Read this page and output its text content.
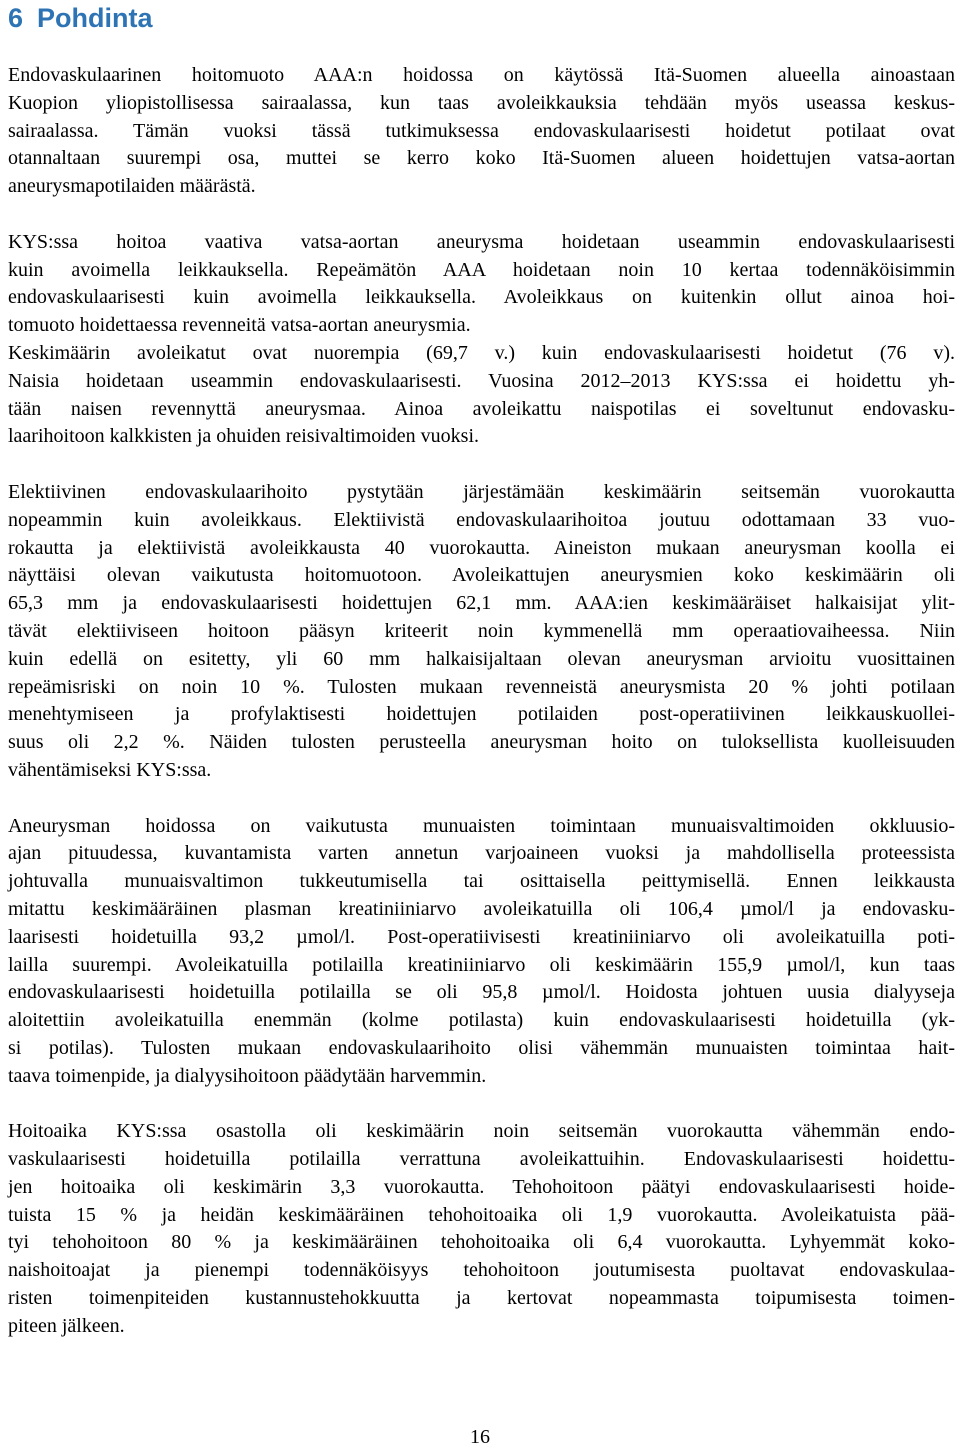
6 Pohdinta
Endovaskulaarinen hoitomuoto AAA:n hoidossa on käytössä Itä-Suomen alueella ainoastaan
Kuopion yliopistollisessa sairaalassa, kun taas avoleikkauksia tehdään myös useassa keskus-
sairaalassa. Tämän vuoksi tässä tutkimuksessa endovaskulaarisesti hoidetut potilaat ovat
otannaltaan suurempi osa, muttei se kerro koko Itä-Suomen alueen hoidettujen vatsa-aortan
aneurysmapotilaiden määrästä.
KYS:ssa hoitoa vaativa vatsa-aortan aneurysma hoidetaan useammin endovaskulaarisesti
kuin avoimella leikkauksella. Repeämätön AAA hoidetaan noin 10 kertaa todennäköisimmin
endovaskulaarisesti kuin avoimella leikkauksella. Avoleikkaus on kuitenkin ollut ainoa hoi-
tomuoto hoidettaessa revenneitä vatsa-aortan aneurysmia.
Keskimäärin avoleikatut ovat nuorempia (69,7 v.) kuin endovaskulaarisesti hoidetut (76 v).
Naisia hoidetaan useammin endovaskulaarisesti. Vuosina 2012–2013 KYS:ssa ei hoidettu yh-
tään naisen revennyttä aneurysmaa. Ainoa avoleikattu naispotilas ei soveltunut endovasku-
laarihoitoon kalkkisten ja ohuiden reisivaltimoiden vuoksi.
Elektiivinen endovaskulaarihoito pystytään järjestämään keskimäärin seitsemän vuorokautta
nopeammin kuin avoleikkaus. Elektiivistä endovaskulaarihoitoa joutuu odottamaan 33 vuo-
rokautta ja elektiivistä avoleikkausta 40 vuorokautta. Aineiston mukaan aneurysman koolla ei
näyttäisi olevan vaikutusta hoitomuotoon. Avoleikattujen aneurysmien koko keskimäärin oli
65,3 mm ja endovaskulaarisesti hoidettujen 62,1 mm. AAA:ien keskimääräiset halkaisijat ylit-
tävät elektiiviseen hoitoon pääsyn kriteerit noin kymmenellä mm operaatiovaiheessa. Niin
kuin edellä on esitetty, yli 60 mm halkaisijaltaan olevan aneurysman arvioitu vuosittainen
repeämisriski on noin 10 %. Tulosten mukaan revenneistä aneurysmista 20 % johti potilaan
menehtymiseen ja profylaktisesti hoidettujen potilaiden post-operatiivinen leikkauskuollei-
suus oli 2,2 %. Näiden tulosten perusteella aneurysman hoito on tuloksellista kuolleisuuden
vähentämiseksi KYS:ssa.
Aneurysman hoidossa on vaikutusta munuaisten toimintaan munuaisvaltimoiden okkluusio-
ajan pituudessa, kuvantamista varten annetun varjoaineen vuoksi ja mahdollisella proteessista
johtuvalla munuaisvaltimon tukkeutumisella tai osittaisella peittymisellä. Ennen leikkausta
mitattu keskimääräinen plasman kreatiniiniarvo avoleikatuilla oli 106,4 µmol/l ja endovasku-
laarisesti hoidetuilla 93,2 µmol/l. Post-operatiivisesti kreatiniiniarvo oli avoleikatuilla poti-
lailla suurempi. Avoleikatuilla potilailla kreatiniiniarvo oli keskimäärin 155,9 µmol/l, kun taas
endovaskulaarisesti hoidetuilla potilailla se oli 95,8 µmol/l. Hoidosta johtuen uusia dialyyseja
aloitettiin avoleikatuilla enemmän (kolme potilasta) kuin endovaskulaarisesti hoidetuilla (yk-
si potilas). Tulosten mukaan endovaskulaarihoito olisi vähemmän munuaisten toimintaa hait-
taava toimenpide, ja dialyysihoitoon päädytään harvemmin.
Hoitoaika KYS:ssa osastolla oli keskimäärin noin seitsemän vuorokautta vähemmän endo-
vaskulaarisesti hoidetuilla potilailla verrattuna avoleikattuihin. Endovaskulaarisesti hoidettu-
jen hoitoaika oli keskimärin 3,3 vuorokautta. Tehohoitoon päätyi endovaskulaarisesti hoide-
tuista 15 % ja heidän keskimääräinen tehohoitoaika oli 1,9 vuorokautta. Avoleikatuista pää-
tyi tehohoitoon 80 % ja keskimääräinen tehohoitoaika oli 6,4 vuorokautta. Lyhyemmät koko-
naishoitoajat ja pienempi todennäköisyys tehohoitoon joutumisesta puoltavat endovaskulaa-
risten toimenpiteiden kustannustehokkuutta ja kertovat nopeammasta toipumisesta toimen-
piteen jälkeen.
16
